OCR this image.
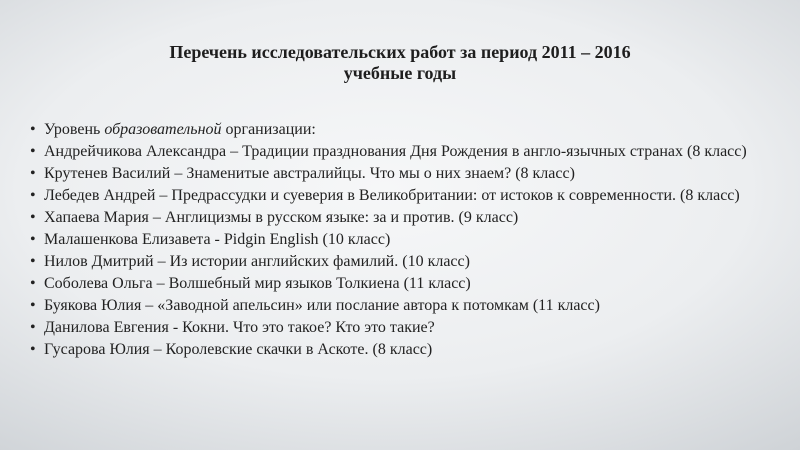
Перечень исследовательских работ за период 2011 – 2016
учебные годы
• Уровень образовательной организации:
• Андрейчикова Александра – Традиции празднования Дня Рождения в англо-язычных странах (8 класс)
• Крутенев Василий – Знаменитые австралийцы. Что мы о них знаем? (8 класс)
• Лебедев Андрей – Предрассудки и суеверия в Великобритании: от истоков к современности. (8 класс)
• Хапаева Мария – Англицизмы в русском языке: за и против. (9 класс)
• Малашенкова Елизавета - Pidgin English (10 класс)
• Нилов Дмитрий – Из истории английских фамилий. (10 класс)
• Соболева Ольга – Волшебный мир языков Толкиена (11 класс)
• Буякова Юлия – «Заводной апельсин» или послание автора к потомкам (11 класс)
• Данилова Евгения - Кокни. Что это такое? Кто это такие?
• Гусарова Юлия – Королевские скачки в Аскоте. (8 класс)
